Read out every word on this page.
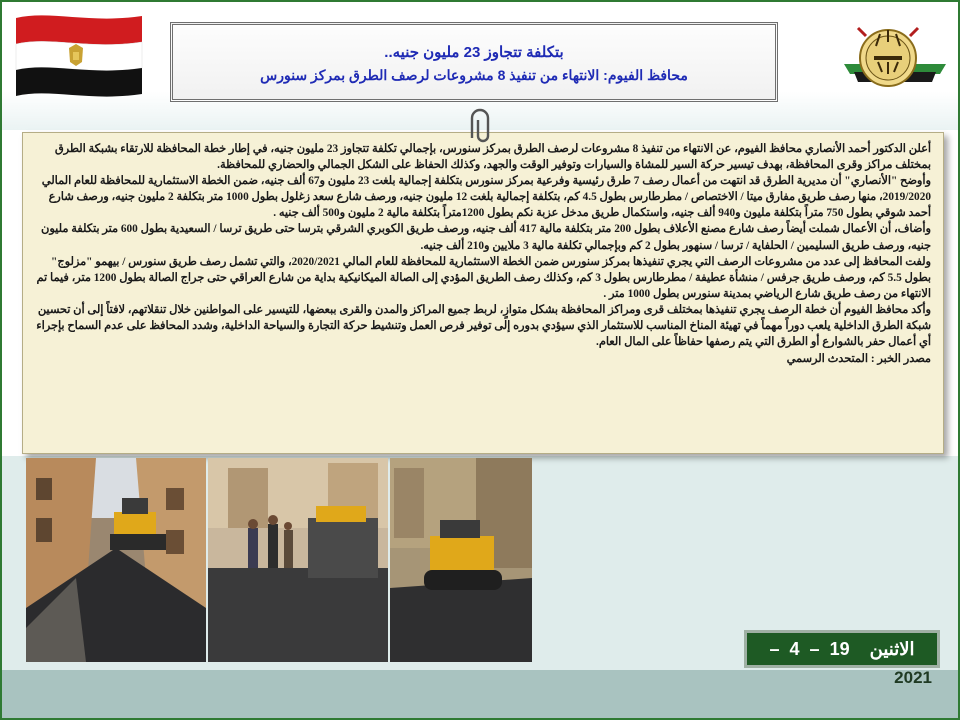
بتكلفة تتجاوز 23 مليون جنيه..
محافظ الفيوم: الانتهاء من تنفيذ 8 مشروعات لرصف الطرق بمركز سنورس

أعلن الدكتور أحمد الأنصاري محافظ الفيوم، عن الانتهاء من تنفيذ 8 مشروعات لرصف الطرق بمركز سنورس، بإجمالي تكلفة تتجاوز 23 مليون جنيه، في إطار خطة المحافظة للارتقاء بشبكة الطرق بمختلف مراكز وقرى المحافظة، بهدف تيسير حركة السير للمشاة والسيارات وتوفير الوقت والجهد، وكذلك الحفاظ على الشكل الجمالي والحضاري للمحافظة.

وأوضح "الأنصاري" أن مديرية الطرق قد انتهت من أعمال رصف 7 طرق رئيسية وفرعية بمركز سنورس بتكلفة إجمالية بلغت 23 مليون و67 ألف جنيه، ضمن الخطة الاستثمارية للمحافظة للعام المالي 2019/2020، منها رصف طريق مفارق ميتا / الاختصاص / مطرطارس بطول 4.5 كم، بتكلفة إجمالية بلغت 12 مليون جنيه، ورصف شارع سعد زغلول بطول 1000 متر بتكلفة 2 مليون جنيه، ورصف شارع أحمد شوقي بطول 750 متراً بتكلفة مليون و940 ألف جنيه، واستكمال طريق مدخل عزبة نكم بطول 1200متراً بتكلفة مالية 2 مليون و500 ألف جنيه .

وأضاف، أن الأعمال شملت أيضاً رصف شارع مصنع الأعلاف بطول 200 متر بتكلفة مالية 417 ألف جنيه، ورصف طريق الكوبري الشرقي بترسا حتى طريق ترسا / السعيدية بطول 600 متر بتكلفة مليون جنيه، ورصف طريق السليمين / الحلفاية / ترسا / سنهور بطول 2 كم وبإجمالي تكلفة مالية 3 ملايين و210 ألف جنيه.

ولفت المحافظ إلى عدد من مشروعات الرصف التي يجري تنفيذها بمركز سنورس ضمن الخطة الاستثمارية للمحافظة للعام المالي 2020/2021، والتي تشمل رصف طريق سنورس / بيهمو "مزلوج" بطول 5.5 كم، ورصف طريق جرفس / منشأة عطيفة / مطرطارس بطول 3 كم، وكذلك رصف الطريق المؤدي إلى الصالة الميكانيكية بداية من شارع العراقي حتى جراج الصالة بطول 1200 متر، فيما تم الانتهاء من رصف طريق شارع الرياضي بمدينة سنورس بطول 1000 متر .

وأكد محافظ الفيوم أن خطة الرصف يجري تنفيذها بمختلف قرى ومراكز المحافظة بشكل متوازٍ، لربط جميع المراكز والمدن والقرى ببعضها، للتيسير على المواطنين خلال تنقلاتهم، لافتاً إلى أن تحسين شبكة الطرق الداخلية يلعب دوراً مهماً في تهيئة المناخ المناسب للاستثمار الذي سيؤدي بدوره إلى توفير فرص العمل وتنشيط حركة التجارة والسياحة الداخلية، وشدد المحافظ على عدم السماح بإجراء أي أعمال حفر بالشوارع أو الطرق التي يتم رصفها حفاظاً على المال العام.

مصدر الخبر : المتحدث الرسمي

الاثنين    19  –  4  –
2021
